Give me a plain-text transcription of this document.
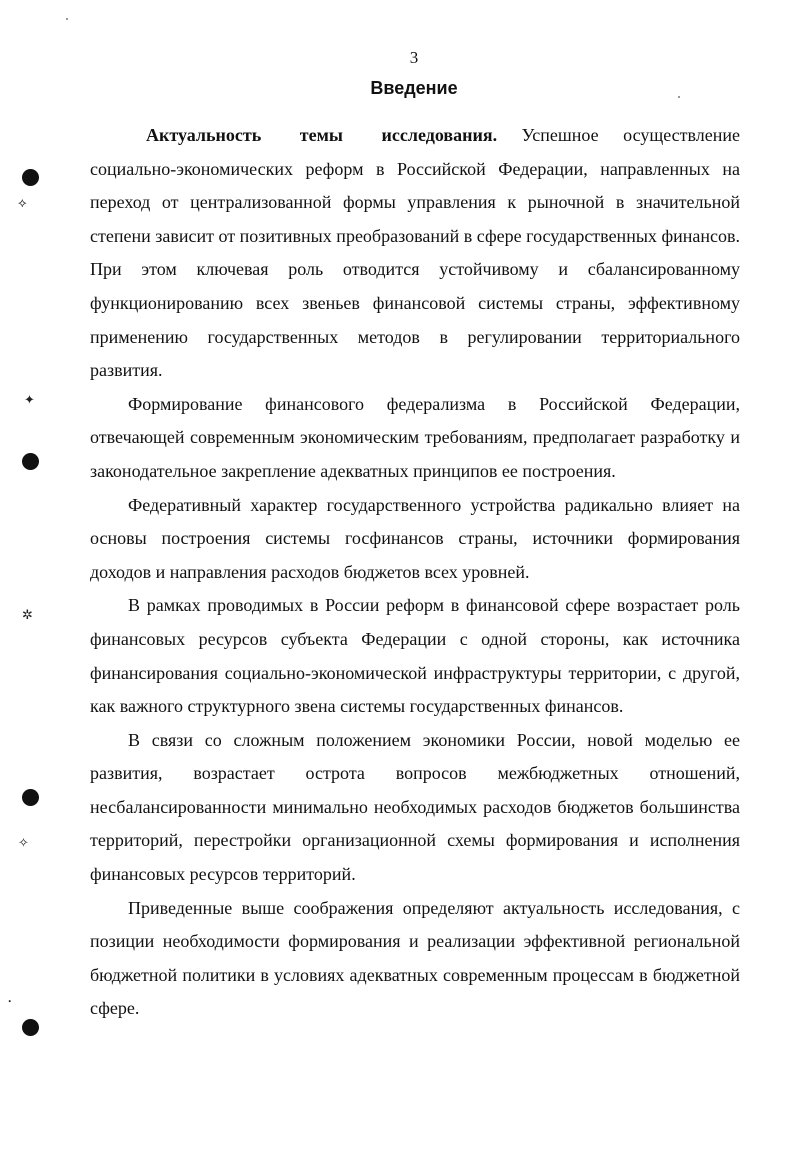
3
Введение
⟡
✦
✲
✧
ꞏ

Актуальность темы исследования. Успешное осуществление социально-экономических реформ в Российской Федерации, направленных на переход от централизованной формы управления к рыночной в значительной степени зависит от позитивных преобразований в сфере государственных финансов. При этом ключевая роль отводится устойчивому и сбалансированному функционированию всех звеньев финансовой системы страны, эффективному применению государственных методов в регулировании территориального развития.

Формирование финансового федерализма в Российской Федерации, отвечающей современным экономическим требованиям, предполагает разработку и законодательное закрепление адекватных принципов ее построения.

Федеративный характер государственного устройства радикально влияет на основы построения системы госфинансов страны, источники формирования доходов и направления расходов бюджетов всех уровней.

В рамках проводимых в России реформ в финансовой сфере возрастает роль финансовых ресурсов субъекта Федерации с одной стороны, как источника финансирования социально-экономической инфраструктуры территории, с другой, как важного структурного звена системы государственных финансов.

В связи со сложным положением экономики России, новой моделью ее развития, возрастает острота вопросов межбюджетных отношений, несбалансированности минимально необходимых расходов бюджетов большинства территорий, перестройки организационной схемы формирования и исполнения финансовых ресурсов территорий.

Приведенные выше соображения определяют актуальность исследования, с позиции необходимости формирования и реализации эффективной региональной бюджетной политики в условиях адекватных современным процессам в бюджетной сфере.
